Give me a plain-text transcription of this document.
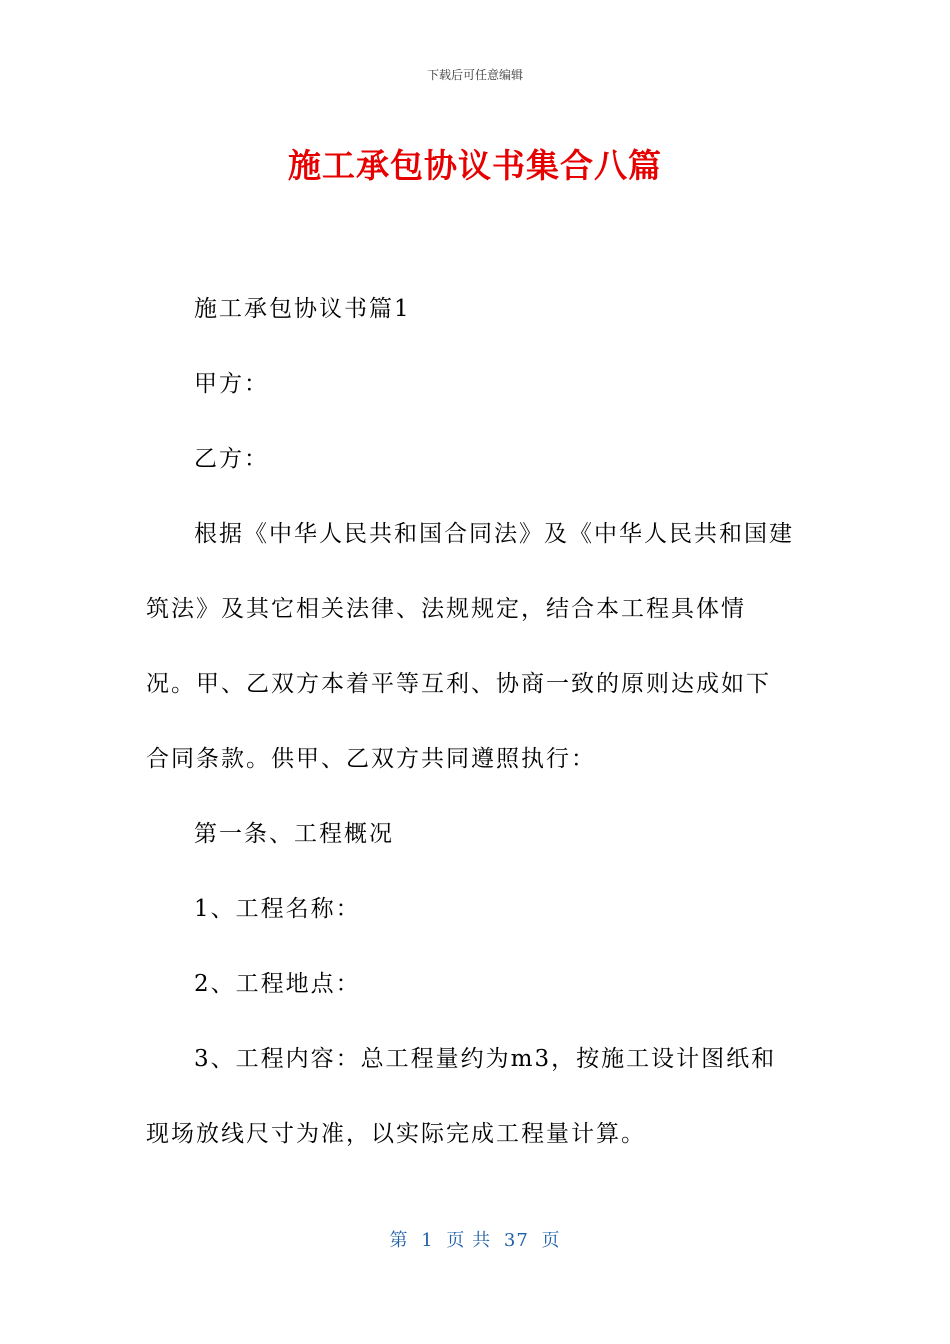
下载后可任意编辑
施工承包协议书集合八篇

施工承包协议书篇1

甲方：

乙方：

根据《中华人民共和国合同法》及《中华人民共和国建筑法》及其它相关法律、法规规定，结合本工程具体情况。甲、乙双方本着平等互利、协商一致的原则达成如下合同条款。供甲、乙双方共同遵照执行：

第一条、工程概况

1、工程名称：

2、工程地点：

3、工程内容：总工程量约为m3，按施工设计图纸和现场放线尺寸为准，以实际完成工程量计算。

第 1 页 共 37 页
